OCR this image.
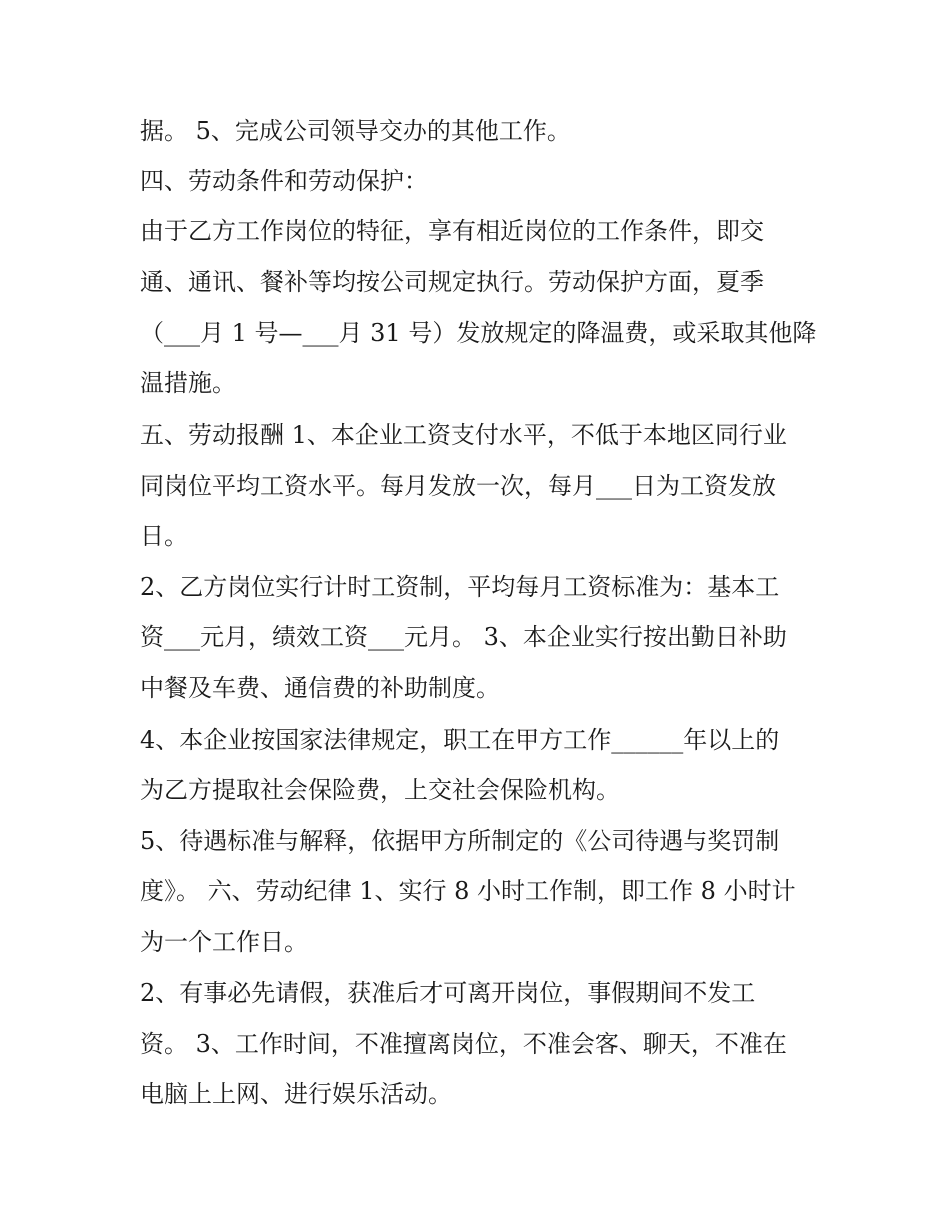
据。 5、完成公司领导交办的其他工作。

四、劳动条件和劳动保护：

由于乙方工作岗位的特征，享有相近岗位的工作条件，即交

通、通讯、餐补等均按公司规定执行。劳动保护方面，夏季

（___月 1 号—___月 31 号）发放规定的降温费，或采取其他降

温措施。

五、劳动报酬 1、本企业工资支付水平，不低于本地区同行业

同岗位平均工资水平。每月发放一次，每月___日为工资发放

日。

2、乙方岗位实行计时工资制，平均每月工资标准为：基本工

资___元月，绩效工资___元月。 3、本企业实行按出勤日补助

中餐及车费、通信费的补助制度。

4、本企业按国家法律规定，职工在甲方工作______年以上的

为乙方提取社会保险费，上交社会保险机构。

5、待遇标准与解释，依据甲方所制定的《公司待遇与奖罚制

度》。 六、劳动纪律 1、实行 8 小时工作制，即工作 8 小时计

为一个工作日。

2、有事必先请假，获准后才可离开岗位，事假期间不发工

资。 3、工作时间，不准擅离岗位，不准会客、聊天，不准在

电脑上上网、进行娱乐活动。
